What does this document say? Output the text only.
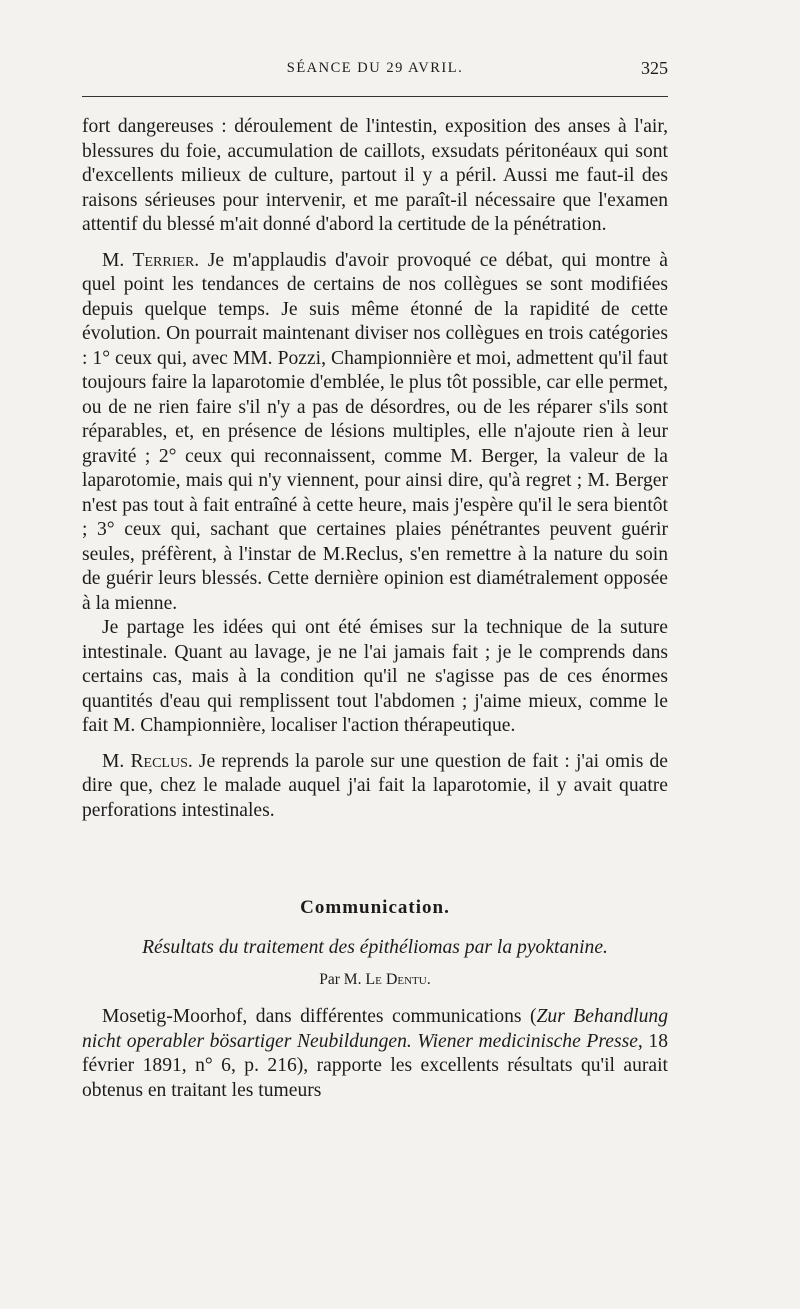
SÉANCE DU 29 AVRIL.	325

fort dangereuses : déroulement de l'intestin, exposition des anses à l'air, blessures du foie, accumulation de caillots, exsudats péritonéaux qui sont d'excellents milieux de culture, partout il y a péril. Aussi me faut-il des raisons sérieuses pour intervenir, et me paraît-il nécessaire que l'examen attentif du blessé m'ait donné d'abord la certitude de la pénétration.

M. Terrier. Je m'applaudis d'avoir provoqué ce débat, qui montre à quel point les tendances de certains de nos collègues se sont modifiées depuis quelque temps. Je suis même étonné de la rapidité de cette évolution. On pourrait maintenant diviser nos collègues en trois catégories : 1° ceux qui, avec MM. Pozzi, Championnière et moi, admettent qu'il faut toujours faire la laparotomie d'emblée, le plus tôt possible, car elle permet, ou de ne rien faire s'il n'y a pas de désordres, ou de les réparer s'ils sont réparables, et, en présence de lésions multiples, elle n'ajoute rien à leur gravité ; 2° ceux qui reconnaissent, comme M. Berger, la valeur de la laparotomie, mais qui n'y viennent, pour ainsi dire, qu'à regret ; M. Berger n'est pas tout à fait entraîné à cette heure, mais j'espère qu'il le sera bientôt ; 3° ceux qui, sachant que certaines plaies pénétrantes peuvent guérir seules, préfèrent, à l'instar de M.Reclus, s'en remettre à la nature du soin de guérir leurs blessés. Cette dernière opinion est diamétralement opposée à la mienne.

Je partage les idées qui ont été émises sur la technique de la suture intestinale. Quant au lavage, je ne l'ai jamais fait ; je le comprends dans certains cas, mais à la condition qu'il ne s'agisse pas de ces énormes quantités d'eau qui remplissent tout l'abdomen ; j'aime mieux, comme le fait M. Championnière, localiser l'action thérapeutique.

M. Reclus. Je reprends la parole sur une question de fait : j'ai omis de dire que, chez le malade auquel j'ai fait la laparotomie, il y avait quatre perforations intestinales.

Communication.
Résultats du traitement des épithéliomas par la pyoktanine.
Par M. Le Dentu.

Mosetig-Moorhof, dans différentes communications (Zur Behandlung nicht operabler bösartiger Neubildungen. Wiener medicinische Presse, 18 février 1891, n° 6, p. 216), rapporte les excellents résultats qu'il aurait obtenus en traitant les tumeurs
